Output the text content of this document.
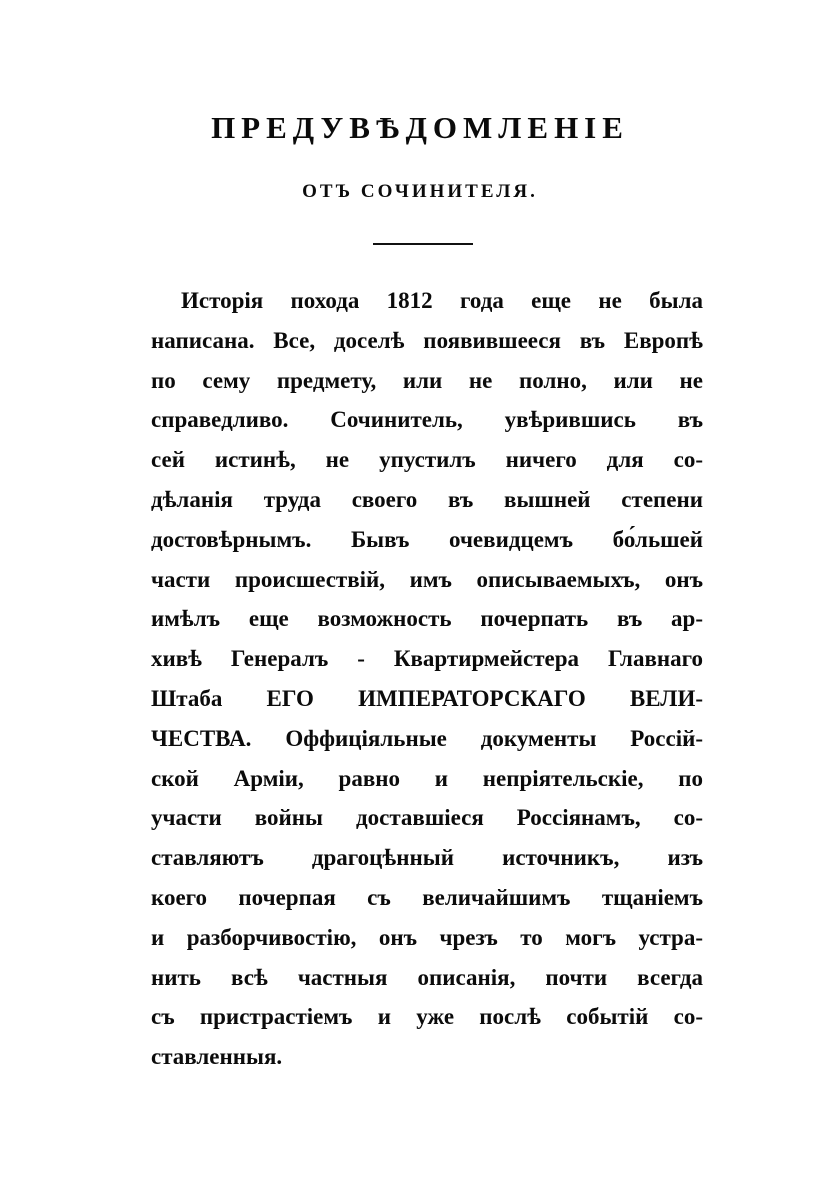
ПРЕДУВѢДОМЛЕНІЕ
ОТЪ СОЧИНИТЕЛЯ.
Исторія похода 1812 года еще не была
написана. Все, доселѣ появившееся въ Европѣ
по сему предмету, или не полно, или не
справедливо. Сочинитель, увѣрившись въ
сей истинѣ, не упустилъ ничего для со-
дѣланія труда своего въ вышней степени
достовѣрнымъ. Бывъ очевидцемъ бо́льшей
части происшествій, имъ описываемыхъ, онъ
имѣлъ еще возможность почерпать въ ар-
хивѣ Генералъ - Квартирмейстера Главнаго
Штаба ЕГО ИМПЕРАТОРСКАГО ВЕЛИ-
ЧЕСТВА. Оффиціяльные документы Россій-
ской Арміи, равно и непріятельскіе, по
участи войны доставшіеся Россіянамъ, со-
ставляютъ драгоцѣнный источникъ, изъ
коего почерпая съ величайшимъ тщаніемъ
и разборчивостію, онъ чрезъ то могъ устра-
нить всѣ частныя описанія, почти всегда
съ пристрастіемъ и уже послѣ событій со-
ставленныя.
